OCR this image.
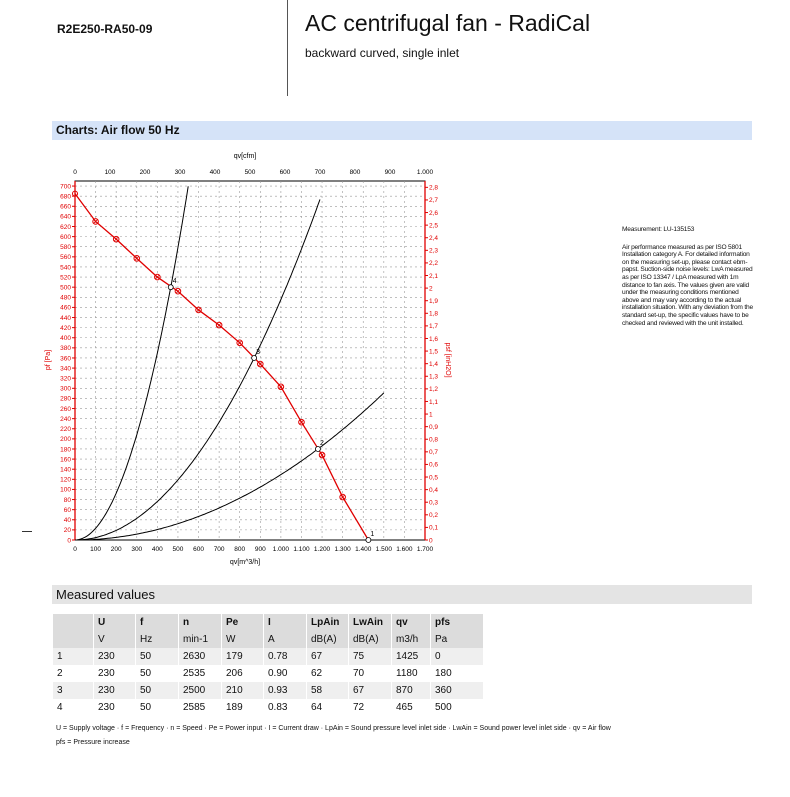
R2E250-RA50-09	AC centrifugal fan - RadiCal
backward curved, single inlet
Charts: Air flow 50 Hz
0 100 200 300 400 500 600 700 800 900 1.000 1.100 1.200 1.300 1.400 1.500 1.600 1.700
0	100	200	300	400	500	600	700	800	900	1.000
0
20
40
60
80
100
120
140
160
180
200
220
240
260
280
300
320
340
360
380
400
420
440
460
480
500
520
540
560
580
600
620
640
660
680
700
0
0,1
0,2
0,3
0,4
0,5
0,6
0,7
0,8
0,9
1
1,1
1,2
1,3
1,4
1,5
1,6
1,7
1,8
1,9
2
2,1
2,2
2,3
2,4
2,5
2,6
2,7
2,8
1
2
3
4
qv[cfm]
qv[m^3/h]
pf [Pa]	psf [inH2O]

Measurement: LU-135153

Air performance measured as per ISO 5801 Installation category A. For detailed information on the measuring set-up, please contact ebm-papst. Suction-side noise levels: LwA measured as per ISO 13347 / LpA measured with 1m distance to fan axis. The values given are valid under the measuring conditions mentioned above and may vary according to the actual installation situation. With any deviation from the standard set-up, the specific values have to be checked and reviewed with the unit installed.

Measured values
	U	f	n	Pe	I	LpAin	LwAin	qv	pfs
	V	Hz	min-1	W	A	dB(A)	dB(A)	m3/h	Pa
1	230	50	2630	179	0.78	67	75	1425	0
2	230	50	2535	206	0.90	62	70	1180	180
3	230	50	2500	210	0.93	58	67	870	360
4	230	50	2585	189	0.83	64	72	465	500
U = Supply voltage · f = Frequency · n = Speed · Pe = Power input · I = Current draw · LpAin = Sound pressure level inlet side · LwAin = Sound power level inlet side · qv = Air flow
pfs = Pressure increase
